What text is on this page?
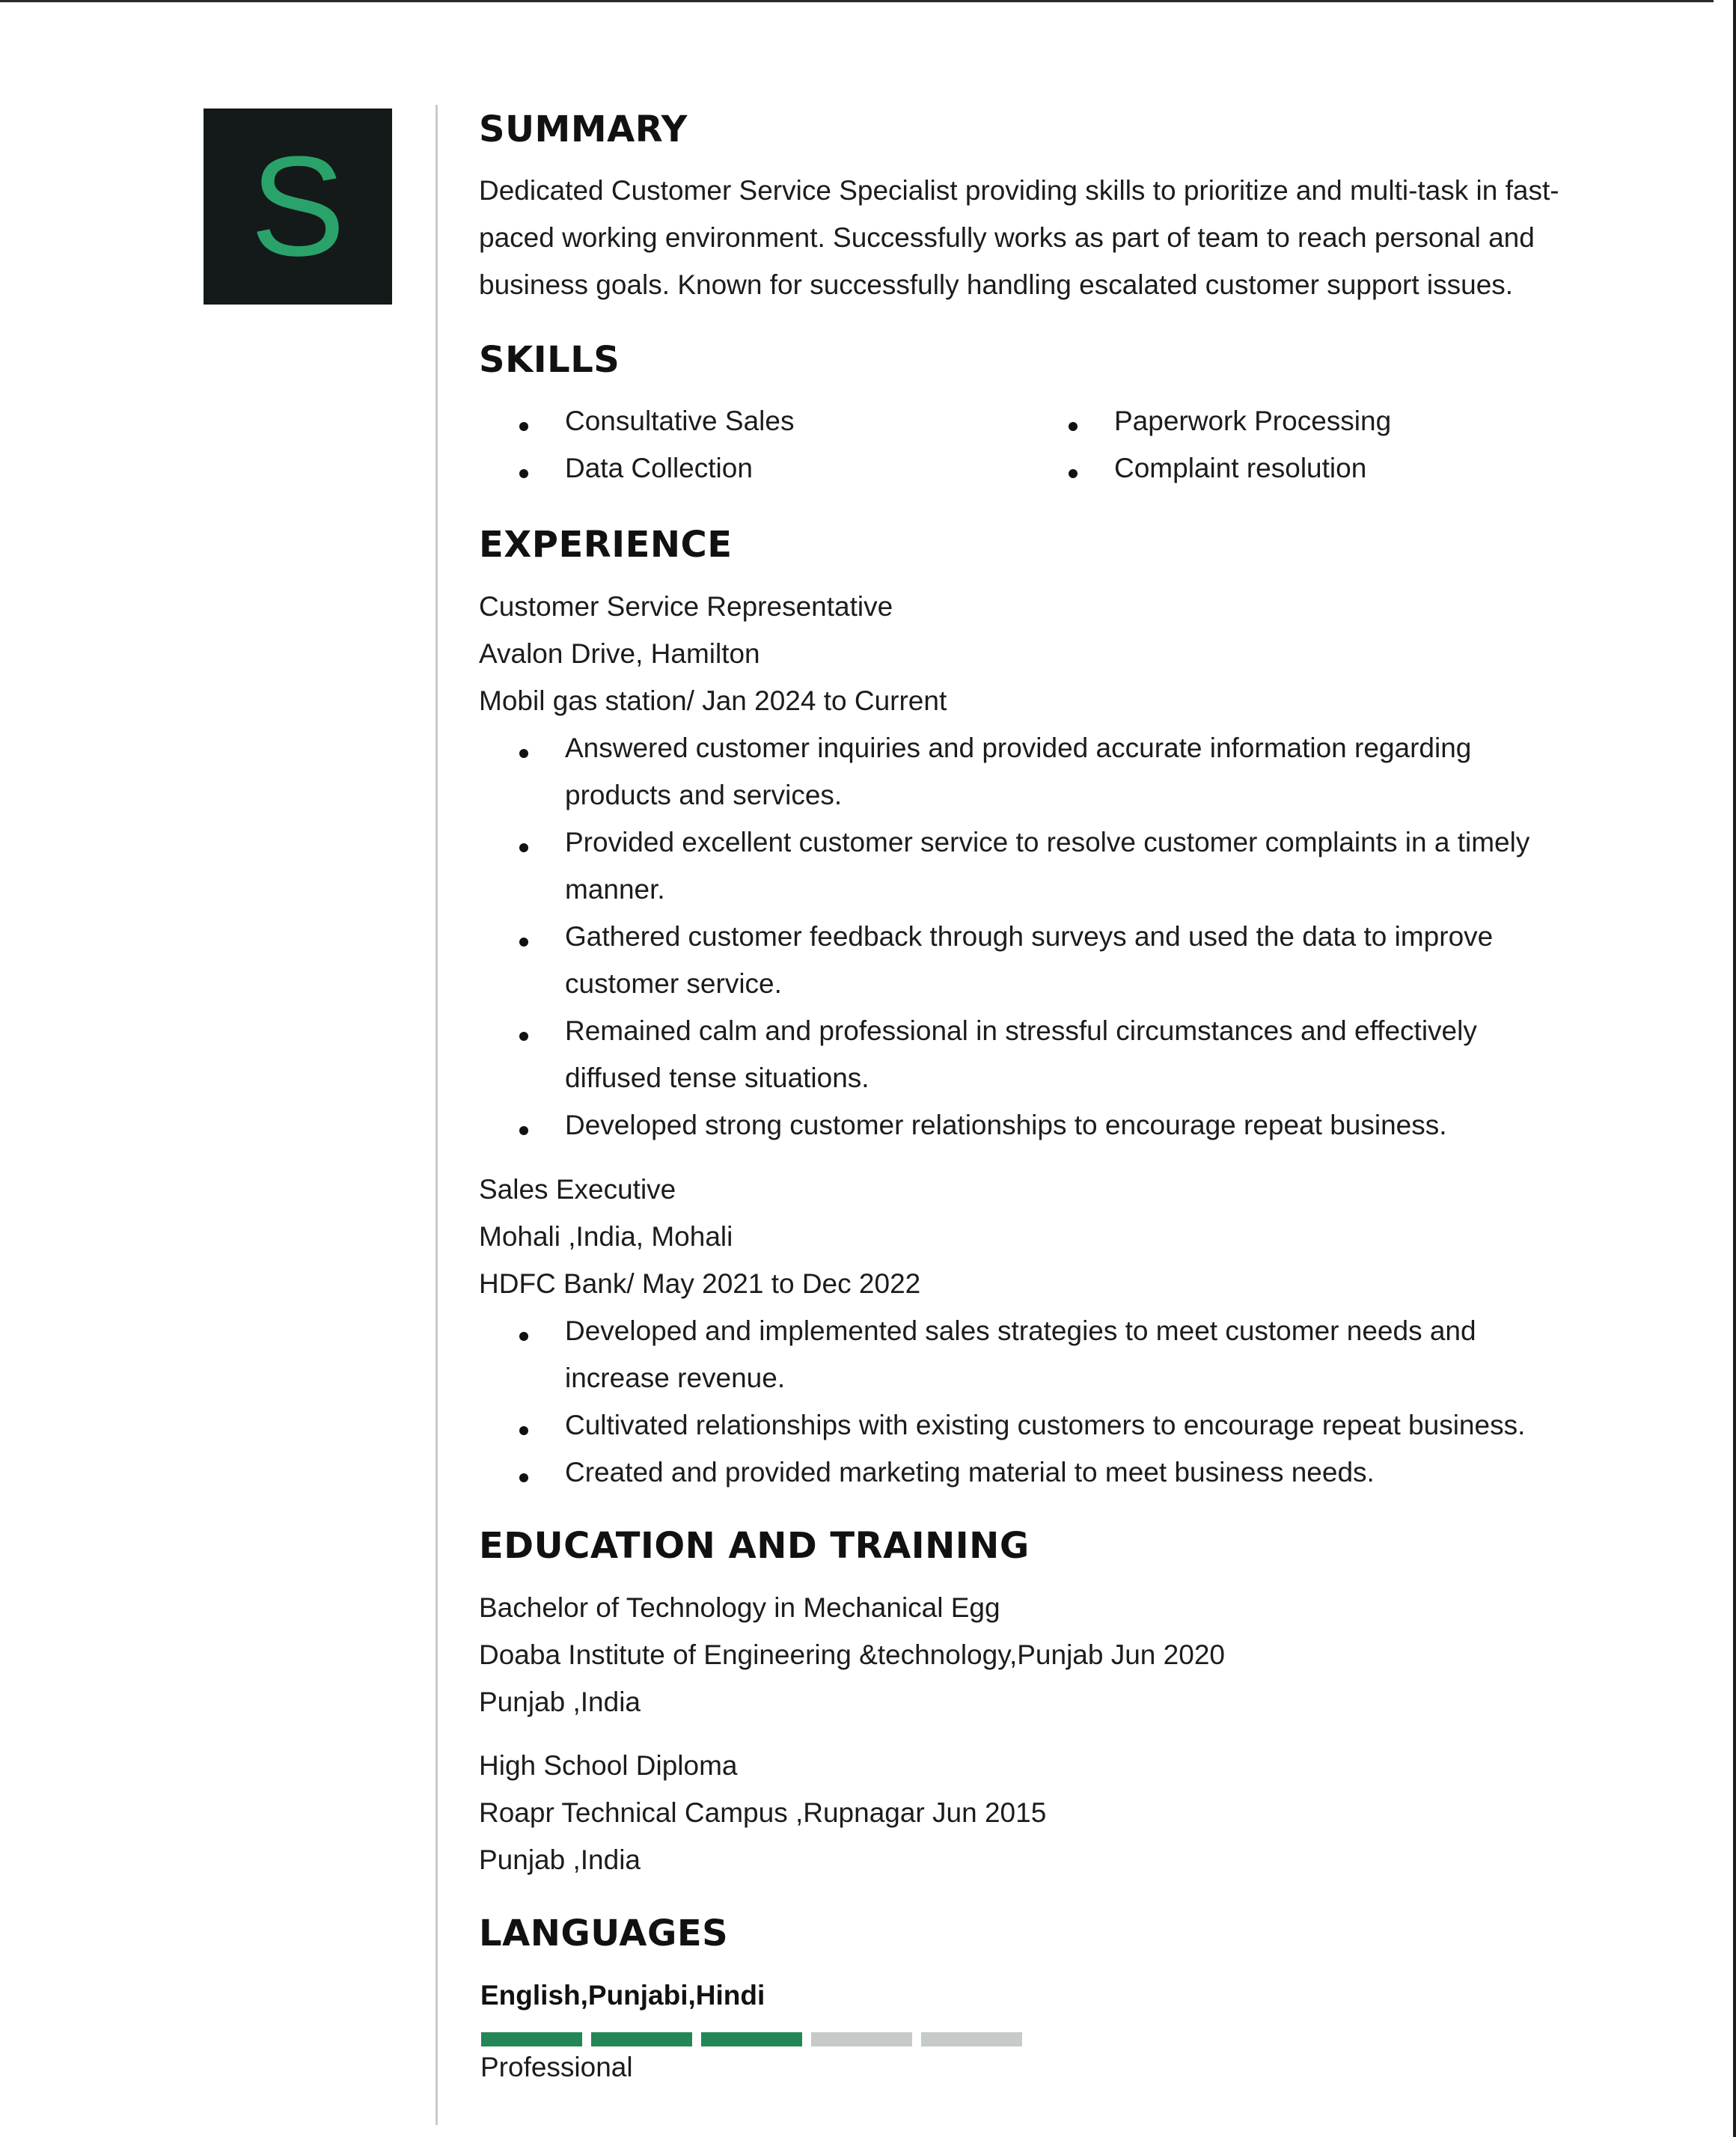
S	SUMMARY
Dedicated Customer Service Specialist providing skills to prioritize and multi-task in fast-
paced working environment. Successfully works as part of team to reach personal and
business goals. Known for successfully handling escalated customer support issues.
SKILLS
Consultative Sales
Data Collection
Paperwork Processing
Complaint resolution
EXPERIENCE
Customer Service Representative
Avalon Drive, Hamilton
Mobil gas station/ Jan 2024 to Current
Answered customer inquiries and provided accurate information regarding
products and services.
Provided excellent customer service to resolve customer complaints in a timely
manner.
Gathered customer feedback through surveys and used the data to improve
customer service.
Remained calm and professional in stressful circumstances and effectively
diffused tense situations.
Developed strong customer relationships to encourage repeat business.
Sales Executive
Mohali ,India, Mohali
HDFC Bank/ May 2021 to Dec 2022
Developed and implemented sales strategies to meet customer needs and
increase revenue.
Cultivated relationships with existing customers to encourage repeat business.
Created and provided marketing material to meet business needs.
EDUCATION AND TRAINING
Bachelor of Technology in Mechanical Egg
Doaba Institute of Engineering &technology,Punjab Jun 2020
Punjab ,India
High School Diploma
Roapr Technical Campus ,Rupnagar Jun 2015
Punjab ,India
LANGUAGES
English,Punjabi,Hindi
Professional
